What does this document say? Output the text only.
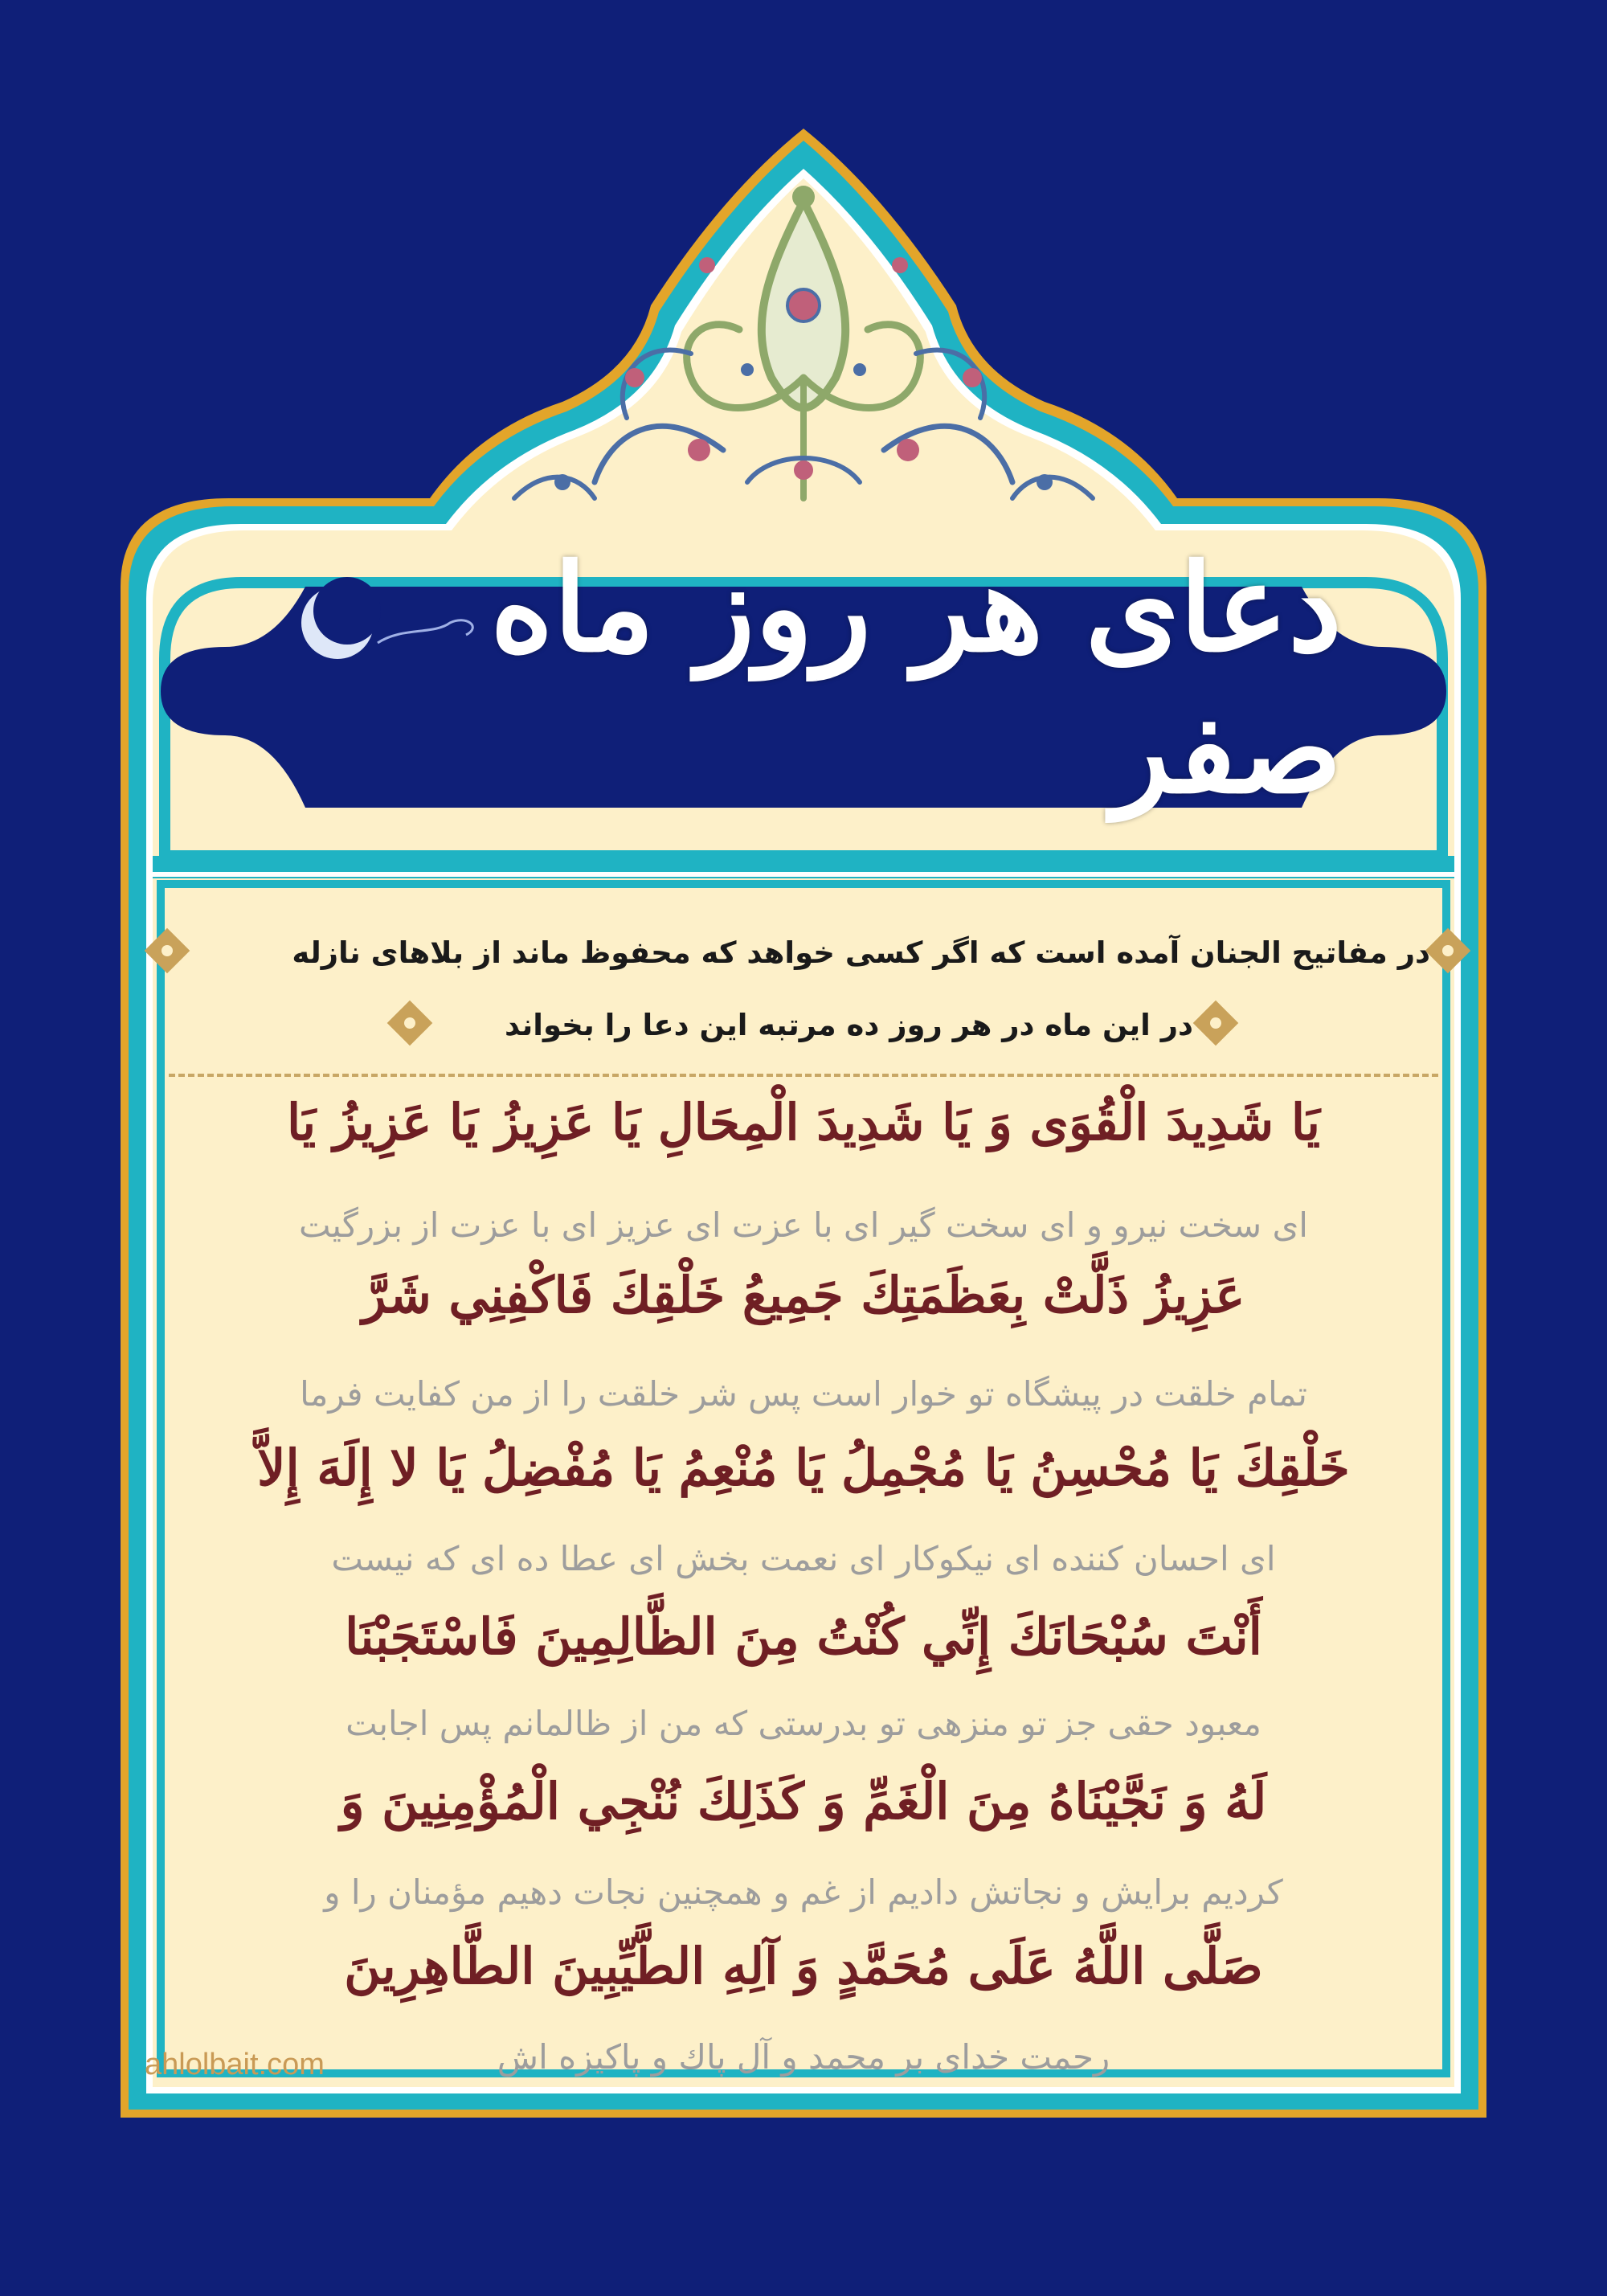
دعای هر روز ماه صفر
در مفاتیح الجنان آمده است که اگر کسی خواهد که محفوظ ماند از بلاهای نازله
در این ماه در هر روز ده مرتبه این دعا را بخواند
يَا شَدِيدَ الْقُوَى وَ يَا شَدِيدَ الْمِحَالِ يَا عَزِيزُ يَا عَزِيزُ يَا
ای سخت نیرو و ای سخت گیر ای با عزت ای عزیز ای با عزت از بزرگیت
عَزِيزُ ذَلَّتْ بِعَظَمَتِكَ جَمِيعُ خَلْقِكَ فَاكْفِنِي شَرَّ
تمام خلقت در پیشگاه تو خوار است پس شر خلقت را از من کفایت فرما
خَلْقِكَ يَا مُحْسِنُ يَا مُجْمِلُ يَا مُنْعِمُ يَا مُفْضِلُ يَا لا إِلَهَ إِلاَّ
ای احسان کننده ای نیکوکار ای نعمت بخش ای عطا ده ای که نیست
أَنْتَ سُبْحَانَكَ إِنِّي كُنْتُ مِنَ الظَّالِمِينَ فَاسْتَجَبْنَا
معبود حقی جز تو منزهی تو بدرستی که من از ظالمانم پس اجابت
لَهُ وَ نَجَّيْنَاهُ مِنَ الْغَمِّ وَ كَذَلِكَ نُنْجِي الْمُؤْمِنِينَ وَ
کردیم برایش و نجاتش دادیم از غم و همچنین نجات دهیم مؤمنان را و
صَلَّى اللَّهُ عَلَى مُحَمَّدٍ وَ آلِهِ الطَّيِّبِينَ الطَّاهِرِينَ
رحمت خدای بر محمد و آل پاك و پاکیزه اش
ahlolbait.com
